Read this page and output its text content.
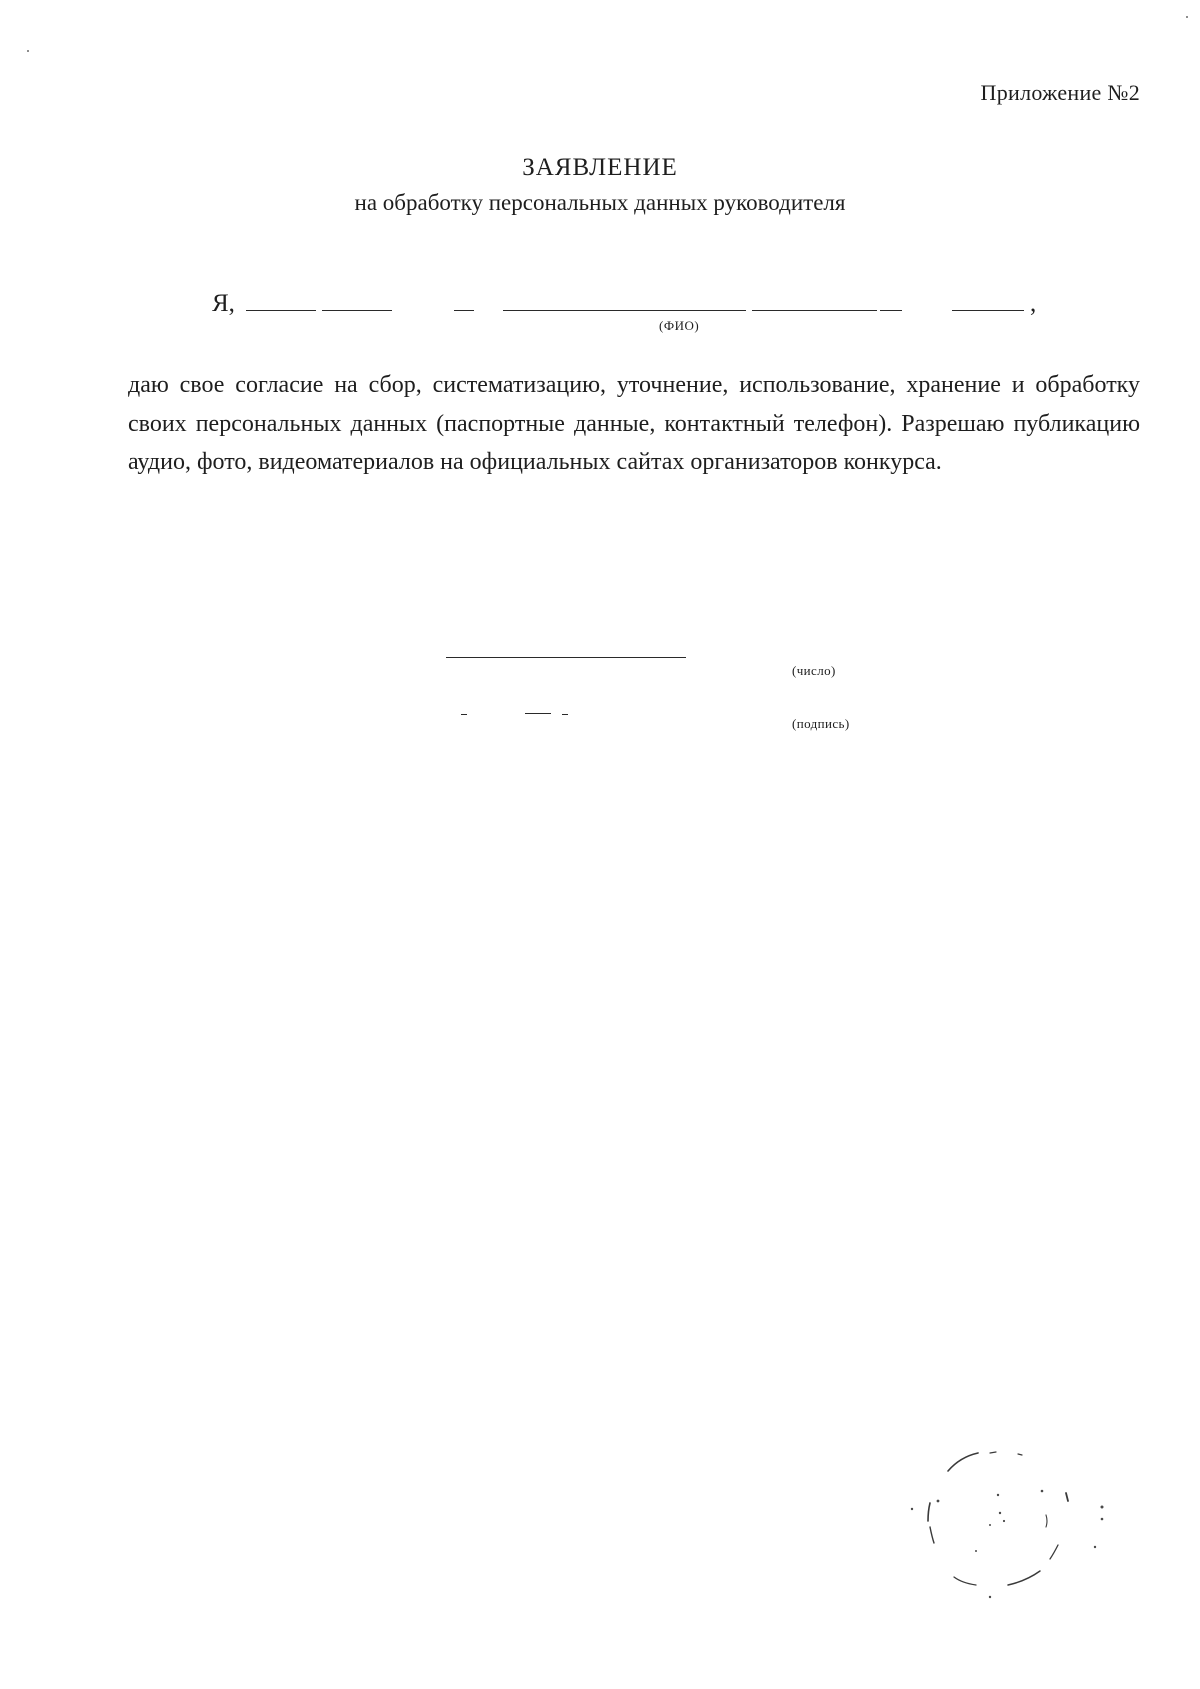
Приложение №2
ЗАЯВЛЕНИЕ
на обработку персональных данных руководителя
Я,	,
(ФИО)
даю свое согласие на сбор, систематизацию, уточнение, использование, хранение и обработку своих персональных данных (паспортные данные, контактный телефон). Разрешаю публикацию аудио, фото, видеоматериалов на официальных сайтах организаторов конкурса.
(число)
(подпись)
